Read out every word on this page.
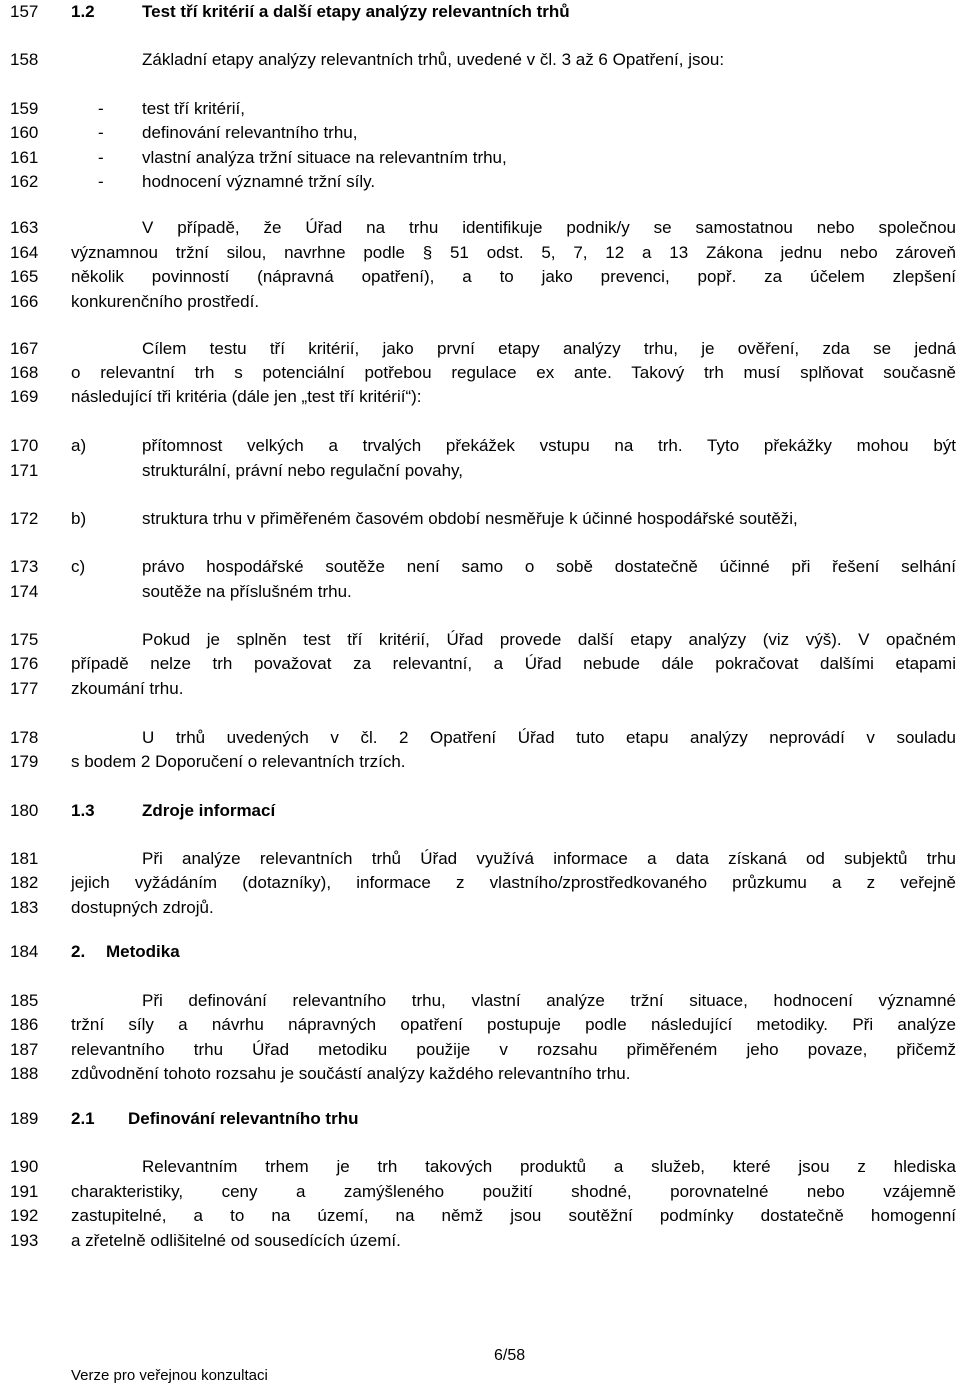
157
158
159
160
161
162
163
164
165
166
167
168
169
170
171
172
173
174
175
176
177
178
179
180
181
182
183
184
185
186
187
188
189
190
191
192
193
1.2	Test tří kritérií a další etapy analýzy relevantních trhů
Základní etapy analýzy relevantních trhů, uvedené v čl. 3 až 6 Opatření, jsou:
- test tří kritérií,
- definování relevantního trhu,
- vlastní analýza tržní situace na relevantním trhu,
- hodnocení významné tržní síly.
V případě, že Úřad na trhu identifikuje podnik/y se samostatnou nebo společnou
významnou tržní silou, navrhne podle § 51 odst. 5, 7, 12 a 13 Zákona jednu nebo zároveň
několik povinností (nápravná opatření), a to jako prevenci, popř. za účelem zlepšení
konkurenčního prostředí.
Cílem testu tří kritérií, jako první etapy analýzy trhu, je ověření, zda se jedná
o relevantní trh s potenciální potřebou regulace ex ante. Takový trh musí splňovat současně
následující tři kritéria (dále jen „test tří kritérií“):
a)	přítomnost velkých a trvalých překážek vstupu na trh. Tyto překážky mohou být
strukturální, právní nebo regulační povahy,
b)	struktura trhu v přiměřeném časovém období nesměřuje k účinné hospodářské soutěži,
c)	právo hospodářské soutěže není samo o sobě dostatečně účinné při řešení selhání
soutěže na příslušném trhu.
Pokud je splněn test tří kritérií, Úřad provede další etapy analýzy (viz výš). V opačném
případě nelze trh považovat za relevantní, a Úřad nebude dále pokračovat dalšími etapami
zkoumání trhu.
U trhů uvedených v čl. 2 Opatření Úřad tuto etapu analýzy neprovádí v souladu
s bodem 2 Doporučení o relevantních trzích.
1.3	Zdroje informací
Při analýze relevantních trhů Úřad využívá informace a data získaná od subjektů trhu
jejich vyžádáním (dotazníky), informace z vlastního/zprostředkovaného průzkumu a z veřejně
dostupných zdrojů.
2. Metodika
Při definování relevantního trhu, vlastní analýze tržní situace, hodnocení významné
tržní síly a návrhu nápravných opatření postupuje podle následující metodiky. Při analýze
relevantního trhu Úřad metodiku použije v rozsahu přiměřeném jeho povaze, přičemž
zdůvodnění tohoto rozsahu je součástí analýzy každého relevantního trhu.
2.1 Definování relevantního trhu
Relevantním trhem je trh takových produktů a služeb, které jsou z hlediska
charakteristiky, ceny a zamýšleného použití shodné, porovnatelné nebo vzájemně
zastupitelné, a to na území, na němž jsou soutěžní podmínky dostatečně homogenní
a zřetelně odlišitelné od sousedících území.
6/58
Verze pro veřejnou konzultaci
